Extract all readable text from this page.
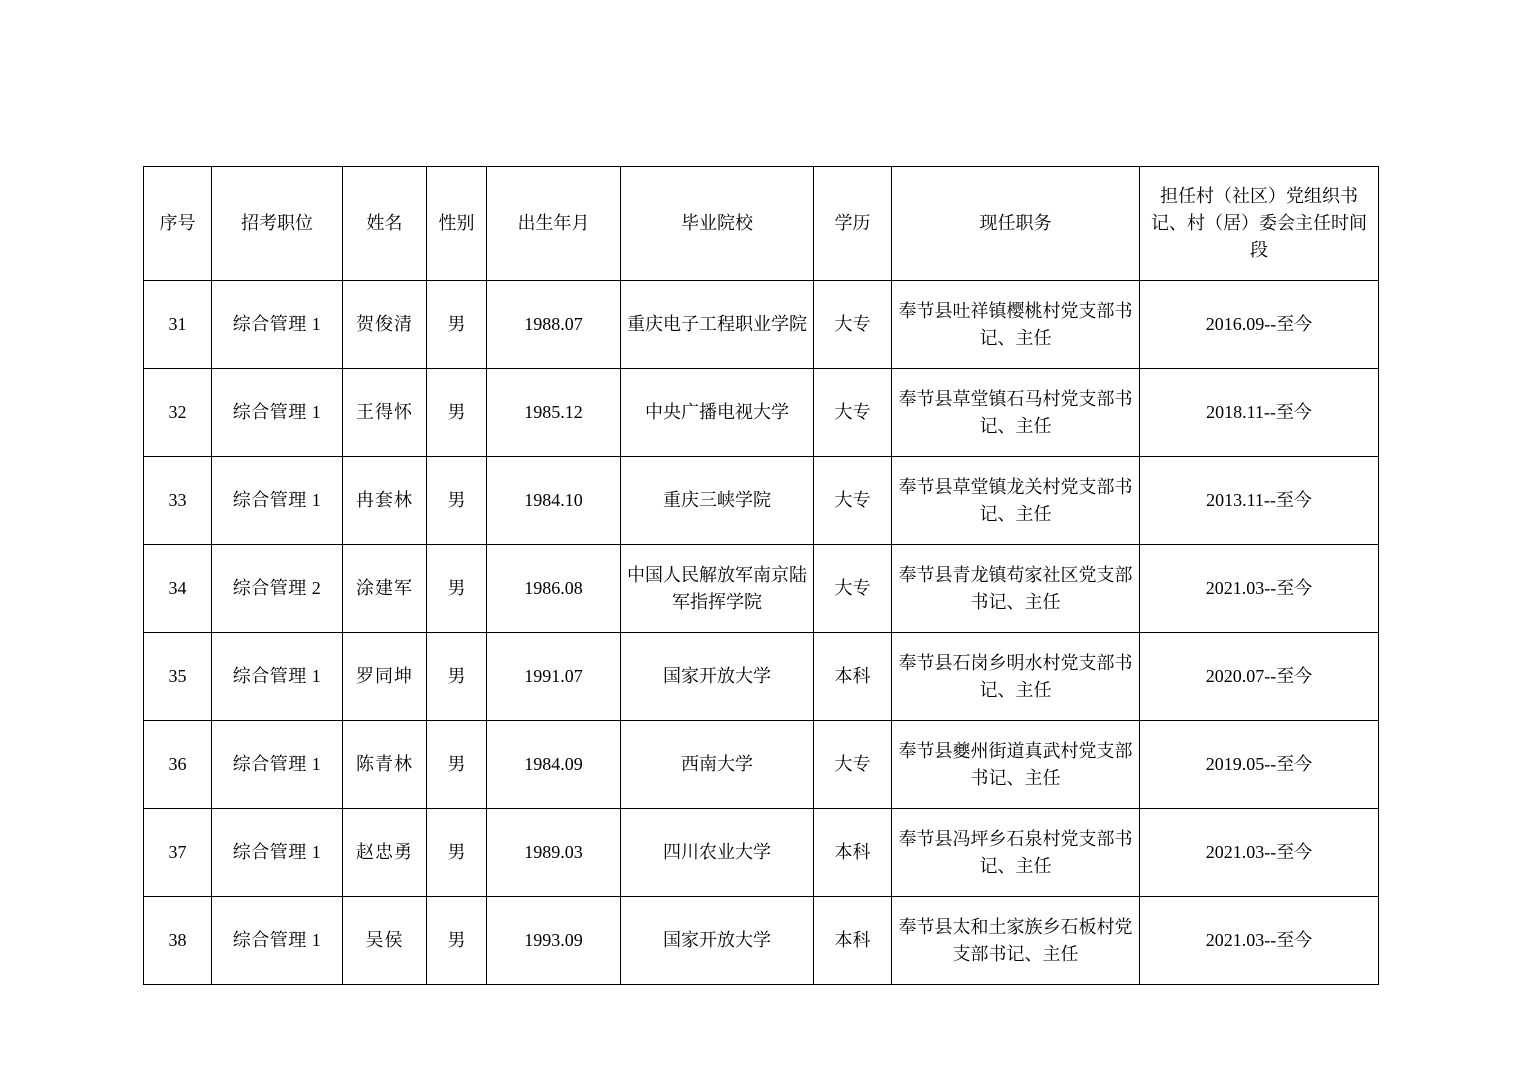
序号	招考职位	姓名	性别	出生年月	毕业院校	学历	现任职务	担任村（社区）党组织书记、村（居）委会主任时间段
31	综合管理 1	贺俊清	男	1988.07	重庆电子工程职业学院	大专	奉节县吐祥镇樱桃村党支部书记、主任	2016.09--至今
32	综合管理 1	王得怀	男	1985.12	中央广播电视大学	大专	奉节县草堂镇石马村党支部书记、主任	2018.11--至今
33	综合管理 1	冉套林	男	1984.10	重庆三峡学院	大专	奉节县草堂镇龙关村党支部书记、主任	2013.11--至今
34	综合管理 2	涂建军	男	1986.08	中国人民解放军南京陆军指挥学院	大专	奉节县青龙镇苟家社区党支部书记、主任	2021.03--至今
35	综合管理 1	罗同坤	男	1991.07	国家开放大学	本科	奉节县石岗乡明水村党支部书记、主任	2020.07--至今
36	综合管理 1	陈青林	男	1984.09	西南大学	大专	奉节县夔州街道真武村党支部书记、主任	2019.05--至今
37	综合管理 1	赵忠勇	男	1989.03	四川农业大学	本科	奉节县冯坪乡石泉村党支部书记、主任	2021.03--至今
38	综合管理 1	吴侯	男	1993.09	国家开放大学	本科	奉节县太和土家族乡石板村党支部书记、主任	2021.03--至今
